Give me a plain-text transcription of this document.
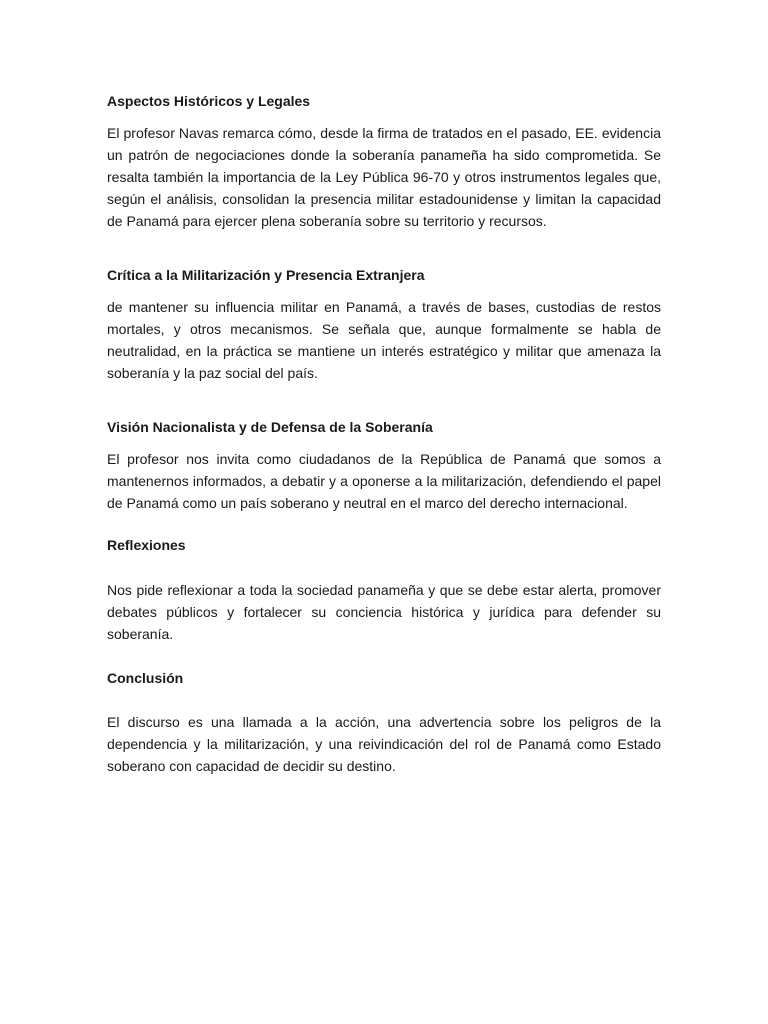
Aspectos Históricos y Legales

El profesor Navas remarca cómo, desde la firma de tratados en el pasado, EE. evidencia un patrón de negociaciones donde la soberanía panameña ha sido comprometida. Se resalta también la importancia de la Ley Pública 96-70 y otros instrumentos legales que, según el análisis, consolidan la presencia militar estadounidense y limitan la capacidad de Panamá para ejercer plena soberanía sobre su territorio y recursos.

Crítica a la Militarización y Presencia Extranjera

de mantener su influencia militar en Panamá, a través de bases, custodias de restos mortales, y otros mecanismos. Se señala que, aunque formalmente se habla de neutralidad, en la práctica se mantiene un interés estratégico y militar que amenaza la soberanía y la paz social del país.

Visión Nacionalista y de Defensa de la Soberanía

El profesor nos invita como ciudadanos de la República de Panamá que somos a mantenernos informados, a debatir y a oponerse a la militarización, defendiendo el papel de Panamá como un país soberano y neutral en el marco del derecho internacional.

Reflexiones

Nos pide reflexionar a toda la sociedad panameña y que se debe estar alerta, promover debates públicos y fortalecer su conciencia histórica y jurídica para defender su soberanía.

Conclusión

El discurso es una llamada a la acción, una advertencia sobre los peligros de la dependencia y la militarización, y una reivindicación del rol de Panamá como Estado soberano con capacidad de decidir su destino.
